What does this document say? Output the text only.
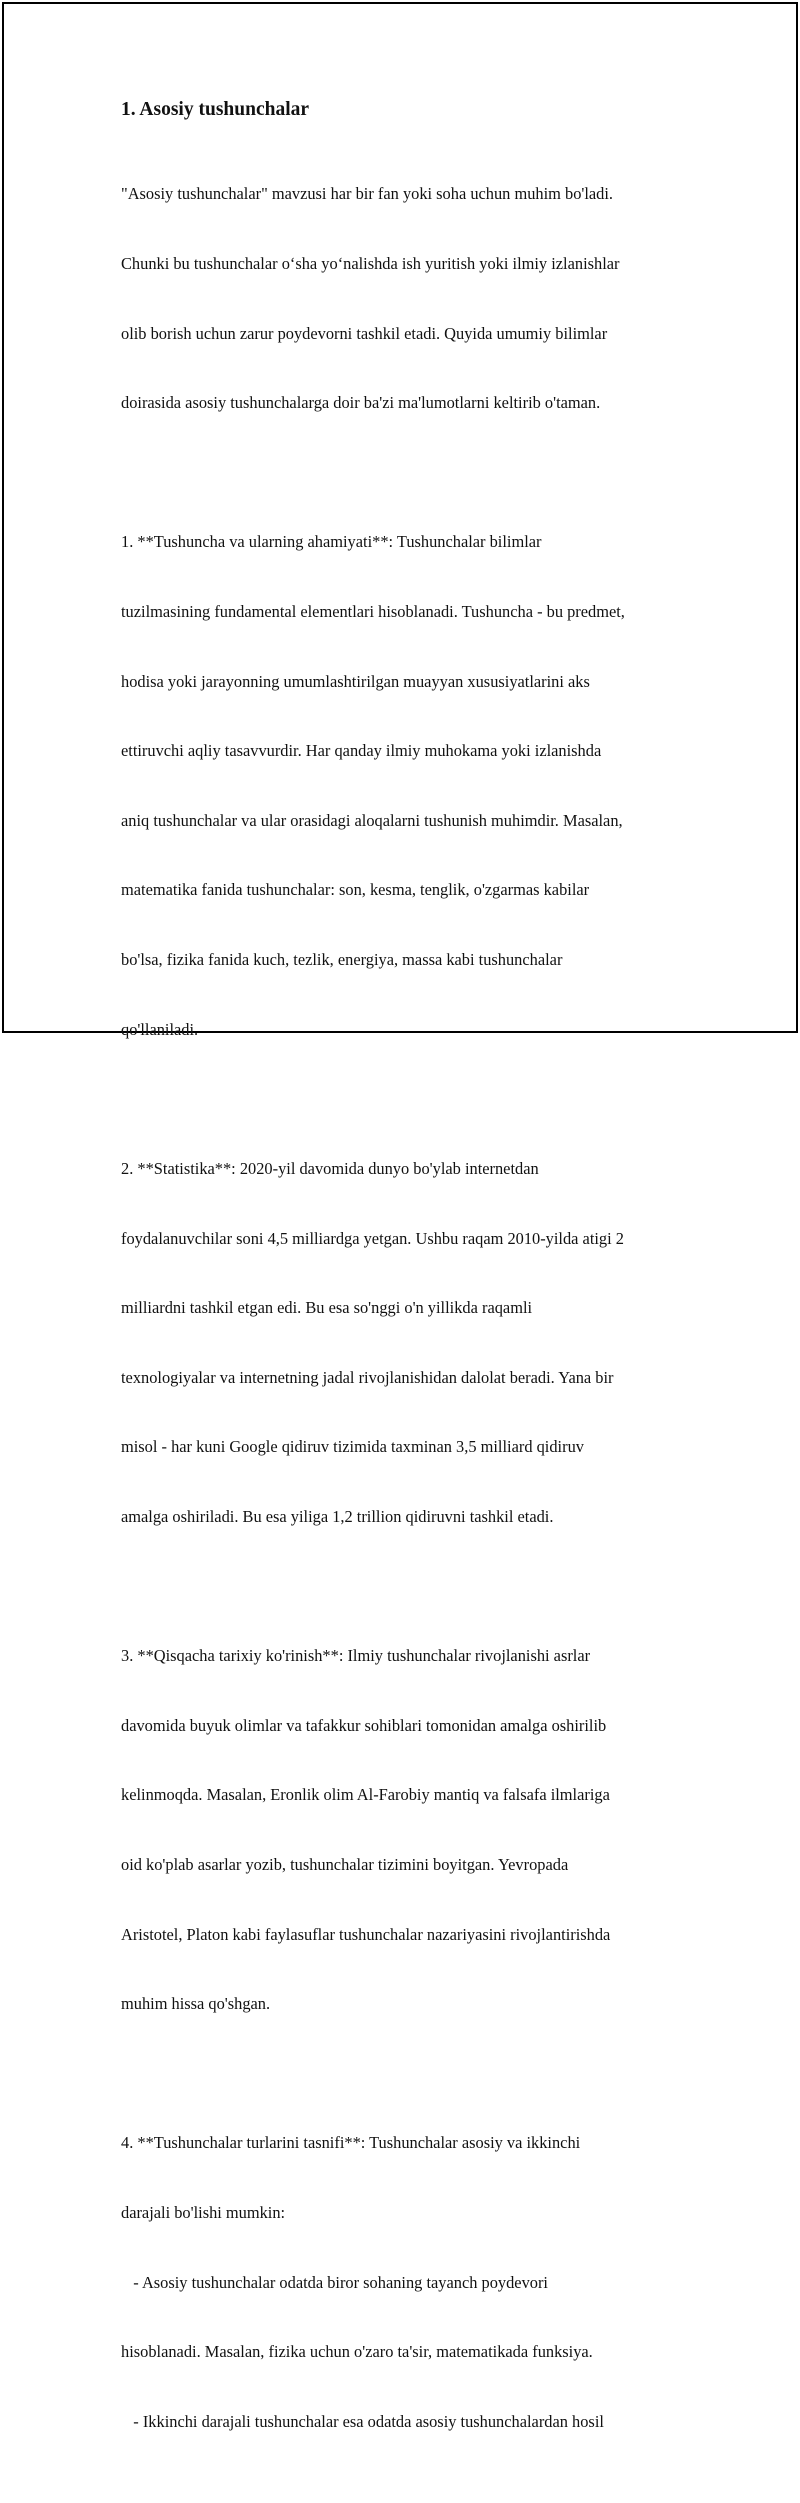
1. Asosiy tushunchalar

"Asosiy tushunchalar" mavzusi har bir fan yoki soha uchun muhim bo'ladi.

Chunki bu tushunchalar o‘sha yo‘nalishda ish yuritish yoki ilmiy izlanishlar

olib borish uchun zarur poydevorni tashkil etadi. Quyida umumiy bilimlar

doirasida asosiy tushunchalarga doir ba'zi ma'lumotlarni keltirib o'taman.

1. **Tushuncha va ularning ahamiyati**: Tushunchalar bilimlar

tuzilmasining fundamental elementlari hisoblanadi. Tushuncha - bu predmet,

hodisa yoki jarayonning umumlashtirilgan muayyan xususiyatlarini aks

ettiruvchi aqliy tasavvurdir. Har qanday ilmiy muhokama yoki izlanishda

aniq tushunchalar va ular orasidagi aloqalarni tushunish muhimdir. Masalan,

matematika fanida tushunchalar: son, kesma, tenglik, o'zgarmas kabilar

bo'lsa, fizika fanida kuch, tezlik, energiya, massa kabi tushunchalar

qo'llaniladi.

2. **Statistika**: 2020-yil davomida dunyo bo'ylab internetdan

foydalanuvchilar soni 4,5 milliardga yetgan. Ushbu raqam 2010-yilda atigi 2

milliardni tashkil etgan edi. Bu esa so'nggi o'n yillikda raqamli

texnologiyalar va internetning jadal rivojlanishidan dalolat beradi. Yana bir

misol - har kuni Google qidiruv tizimida taxminan 3,5 milliard qidiruv

amalga oshiriladi. Bu esa yiliga 1,2 trillion qidiruvni tashkil etadi.

3. **Qisqacha tarixiy ko'rinish**: Ilmiy tushunchalar rivojlanishi asrlar

davomida buyuk olimlar va tafakkur sohiblari tomonidan amalga oshirilib

kelinmoqda. Masalan, Eronlik olim Al-Farobiy mantiq va falsafa ilmlariga

oid ko'plab asarlar yozib, tushunchalar tizimini boyitgan. Yevropada

Aristotel, Platon kabi faylasuflar tushunchalar nazariyasini rivojlantirishda

muhim hissa qo'shgan.

4. **Tushunchalar turlarini tasnifi**: Tushunchalar asosiy va ikkinchi

darajali bo'lishi mumkin:

- Asosiy tushunchalar odatda biror sohaning tayanch poydevori

hisoblanadi. Masalan, fizika uchun o'zaro ta'sir, matematikada funksiya.

- Ikkinchi darajali tushunchalar esa odatda asosiy tushunchalardan hosil
